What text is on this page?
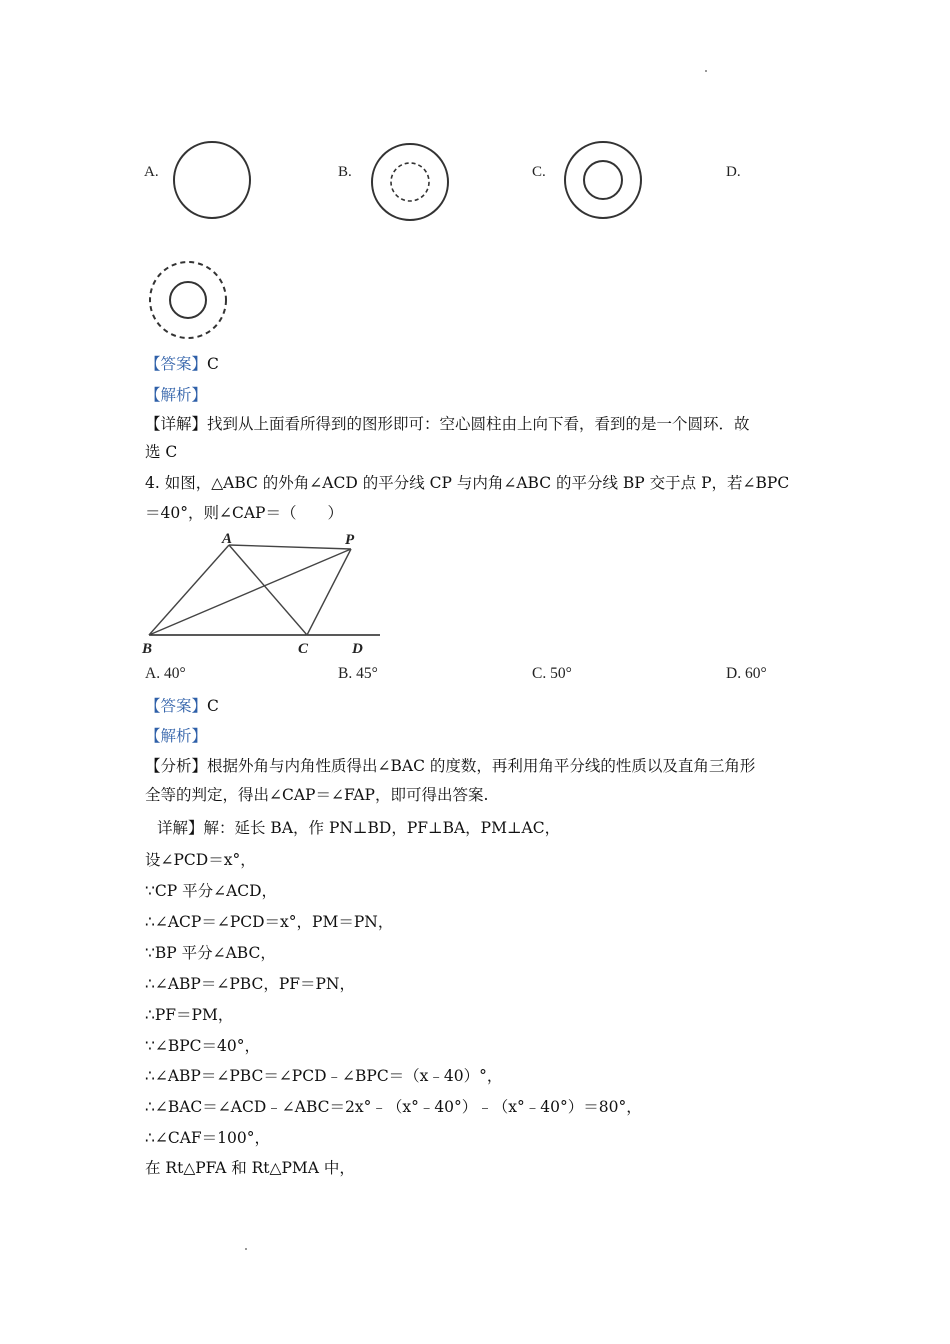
A.	B.	C.	D.
【答案】C
【解析】
【详解】找到从上面看所得到的图形即可：空心圆柱由上向下看，看到的是一个圆环．故
选 C
4. 如图，△ABC 的外角∠ACD 的平分线 CP 与内角∠ABC 的平分线 BP 交于点 P，若∠BPC
＝40°，则∠CAP＝（　　）
A	P
B	C	D
A. 40°	B. 45°	C. 50°	D. 60°
【答案】C
【解析】
【分析】根据外角与内角性质得出∠BAC 的度数，再利用角平分线的性质以及直角三角形
全等的判定，得出∠CAP＝∠FAP，即可得出答案.
详解】解：延长 BA，作 PN⊥BD，PF⊥BA，PM⊥AC，
设∠PCD＝x°，
∵CP 平分∠ACD，
∴∠ACP＝∠PCD＝x°，PM＝PN，
∵BP 平分∠ABC，
∴∠ABP＝∠PBC，PF＝PN，
∴PF＝PM，
∵∠BPC＝40°，
∴∠ABP＝∠PBC＝∠PCD﹣∠BPC＝（x﹣40）°，
∴∠BAC＝∠ACD﹣∠ABC＝2x°﹣（x°﹣40°）﹣（x°﹣40°）＝80°，
∴∠CAF＝100°，
在 Rt△PFA 和 Rt△PMA 中，
